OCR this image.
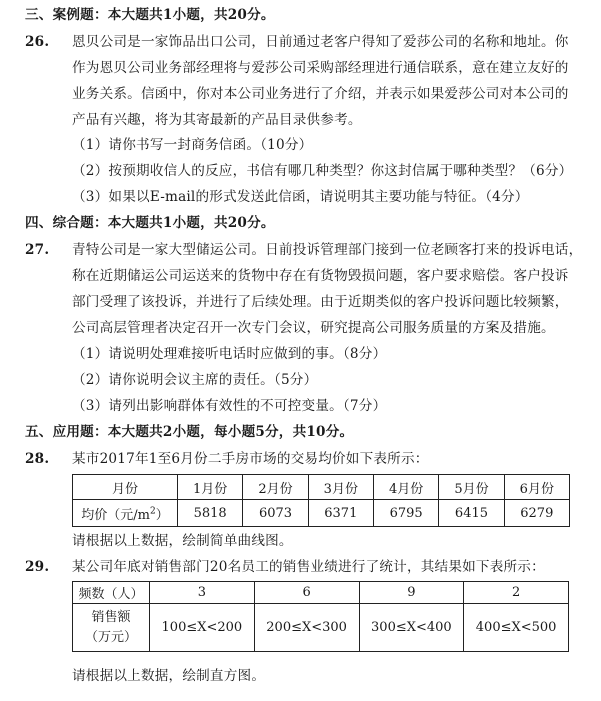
三、案例题：本大题共1小题，共20分。
26. 恩贝公司是一家饰品出口公司，日前通过老客户得知了爱莎公司的名称和地址。你
作为恩贝公司业务部经理将与爱莎公司采购部经理进行通信联系，意在建立友好的
业务关系。信函中，你对本公司业务进行了介绍，并表示如果爱莎公司对本公司的
产品有兴趣，将为其寄最新的产品目录供参考。
（1）请你书写一封商务信函。（10分）
（2）按预期收信人的反应，书信有哪几种类型？你这封信属于哪种类型？（6分）
（3）如果以E-mail的形式发送此信函，请说明其主要功能与特征。（4分）
四、综合题：本大题共1小题，共20分。
27. 青特公司是一家大型储运公司。日前投诉管理部门接到一位老顾客打来的投诉电话，
称在近期储运公司运送来的货物中存在有货物毁损问题，客户要求赔偿。客户投诉
部门受理了该投诉，并进行了后续处理。由于近期类似的客户投诉问题比较频繁，
公司高层管理者决定召开一次专门会议，研究提高公司服务质量的方案及措施。
（1）请说明处理难接听电话时应做到的事。（8分）
（2）请你说明会议主席的责任。（5分）
（3）请列出影响群体有效性的不可控变量。（7分）
五、应用题：本大题共2小题，每小题5分，共10分。
28. 某市2017年1至6月份二手房市场的交易均价如下表所示：
月份	1月份	2月份	3月份	4月份	5月份	6月份
均价（元$/m^2$）	5818	6073	6371	6795	6415	6279
请根据以上数据，绘制简单曲线图。
29. 某公司年底对销售部门20名员工的销售业绩进行了统计，其结果如下表所示：
频数（人）	3	6	9	2

销售额
（万元）	100≤X<200	200≤X<300	300≤X<400	400≤X<500
请根据以上数据，绘制直方图。
